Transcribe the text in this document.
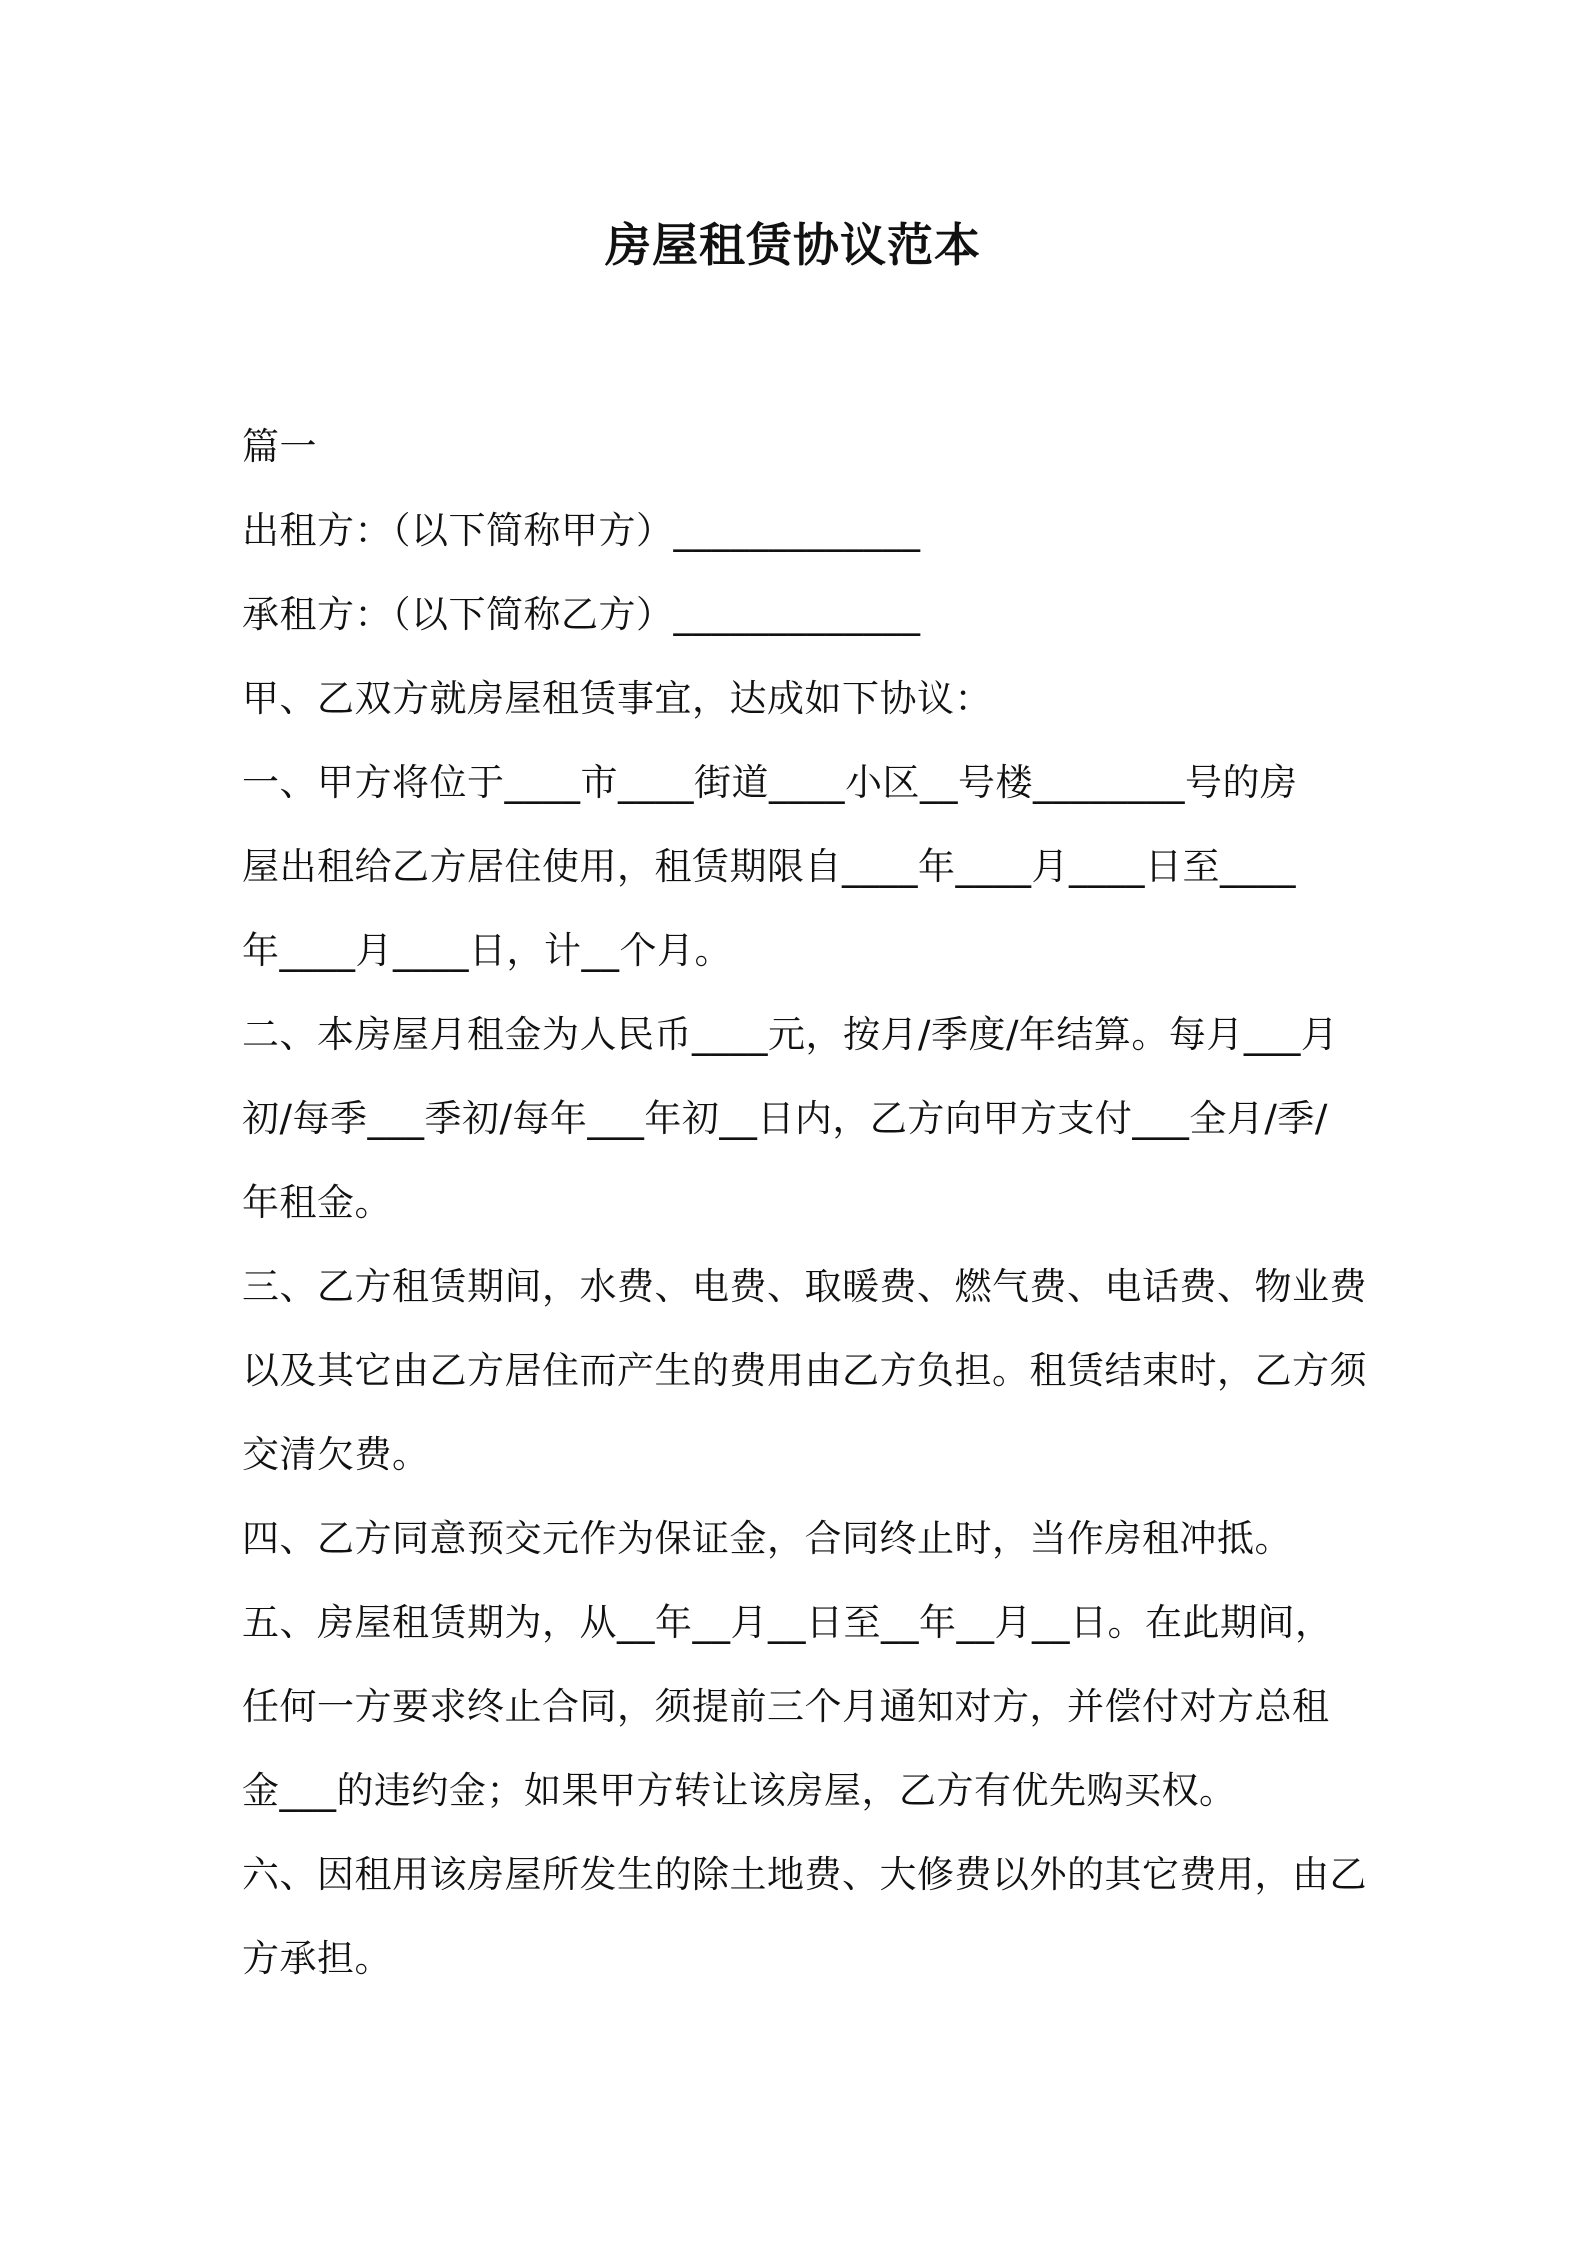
房屋租赁协议范本
篇一
出租方：（以下简称甲方）_____________
承租方：（以下简称乙方）_____________
甲、乙双方就房屋租赁事宜，达成如下协议：
一、甲方将位于____市____街道____小区__号楼________号的房
屋出租给乙方居住使用，租赁期限自____年____月____日至____
年____月____日，计__个月。
二、本房屋月租金为人民币____元，按月/季度/年结算。每月___月
初/每季___季初/每年___年初__日内，乙方向甲方支付___全月/季/
年租金。
三、乙方租赁期间，水费、电费、取暖费、燃气费、电话费、物业费
以及其它由乙方居住而产生的费用由乙方负担。租赁结束时，乙方须
交清欠费。
四、乙方同意预交元作为保证金，合同终止时，当作房租冲抵。
五、房屋租赁期为，从__年__月__日至__年__月__日。在此期间，
任何一方要求终止合同，须提前三个月通知对方，并偿付对方总租
金___的违约金；如果甲方转让该房屋，乙方有优先购买权。
六、因租用该房屋所发生的除土地费、大修费以外的其它费用，由乙
方承担。
